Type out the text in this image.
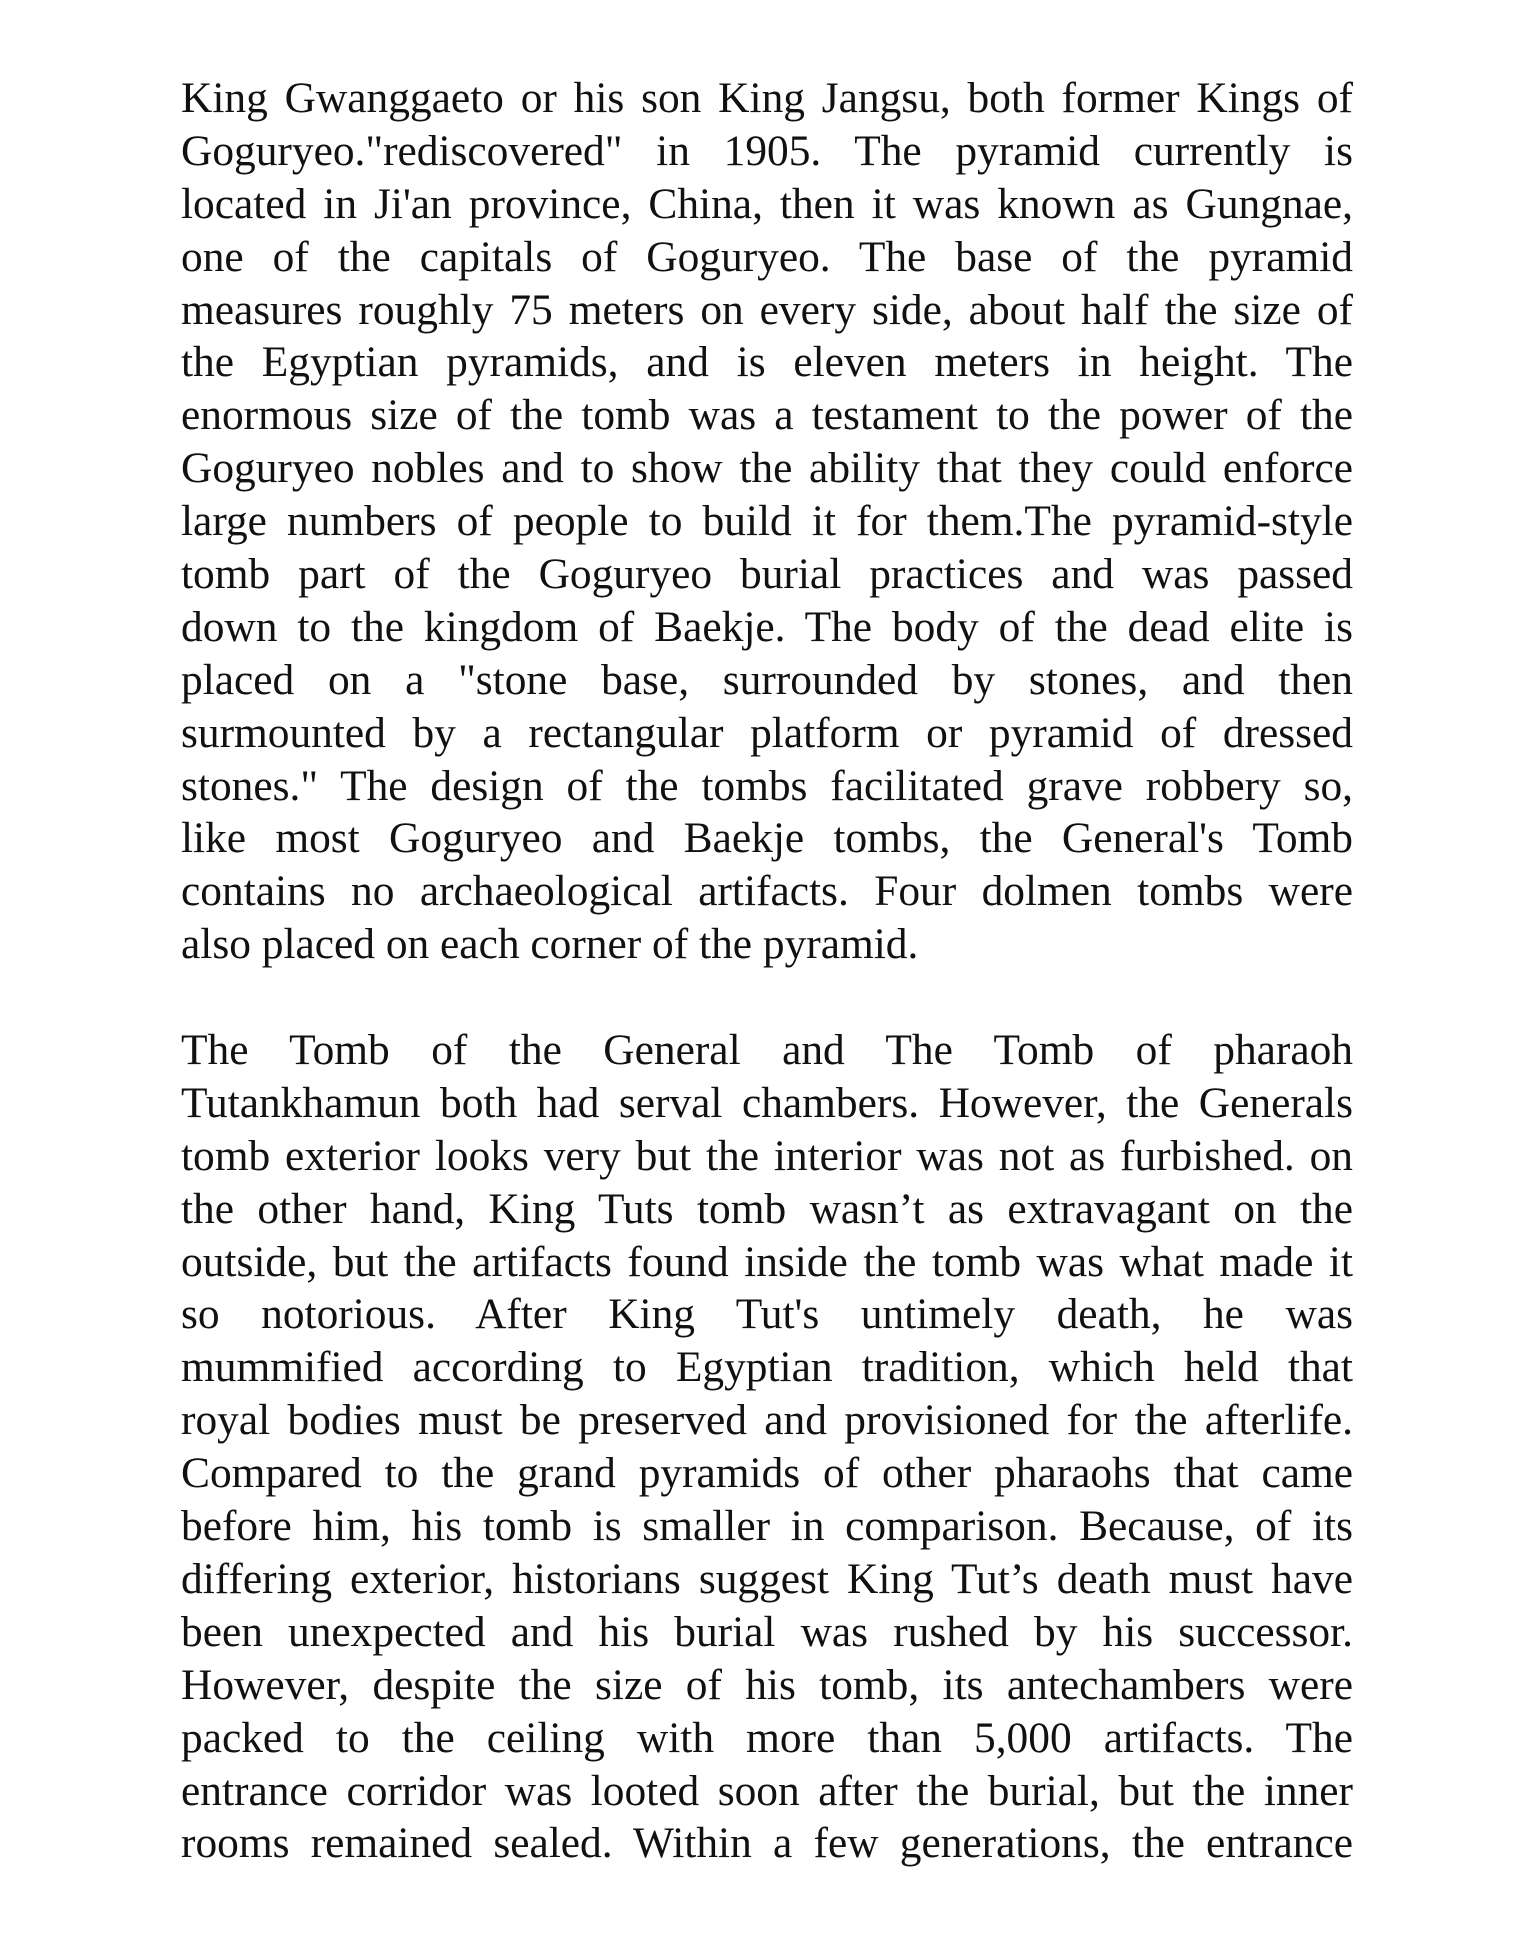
King Gwanggaeto or his son King Jangsu, both former Kings of
Goguryeo."rediscovered" in 1905. The pyramid currently is
located in Ji'an province, China, then it was known as Gungnae,
one of the capitals of Goguryeo. The base of the pyramid
measures roughly 75 meters on every side, about half the size of
the Egyptian pyramids, and is eleven meters in height. The
enormous size of the tomb was a testament to the power of the
Goguryeo nobles and to show the ability that they could enforce
large numbers of people to build it for them.The pyramid-style
tomb part of the Goguryeo burial practices and was passed
down to the kingdom of Baekje. The body of the dead elite is
placed on a "stone base, surrounded by stones, and then
surmounted by a rectangular platform or pyramid of dressed
stones." The design of the tombs facilitated grave robbery so,
like most Goguryeo and Baekje tombs, the General's Tomb
contains no archaeological artifacts. Four dolmen tombs were
also placed on each corner of the pyramid.
The Tomb of the General and The Tomb of pharaoh
Tutankhamun both had serval chambers. However, the Generals
tomb exterior looks very but the interior was not as furbished. on
the other hand, King Tuts tomb wasn’t as extravagant on the
outside, but the artifacts found inside the tomb was what made it
so notorious. After King Tut's untimely death, he was
mummified according to Egyptian tradition, which held that
royal bodies must be preserved and provisioned for the afterlife.
Compared to the grand pyramids of other pharaohs that came
before him, his tomb is smaller in comparison. Because, of its
differing exterior, historians suggest King Tut’s death must have
been unexpected and his burial was rushed by his successor.
However, despite the size of his tomb, its antechambers were
packed to the ceiling with more than 5,000 artifacts. The
entrance corridor was looted soon after the burial, but the inner
rooms remained sealed. Within a few generations, the entrance
